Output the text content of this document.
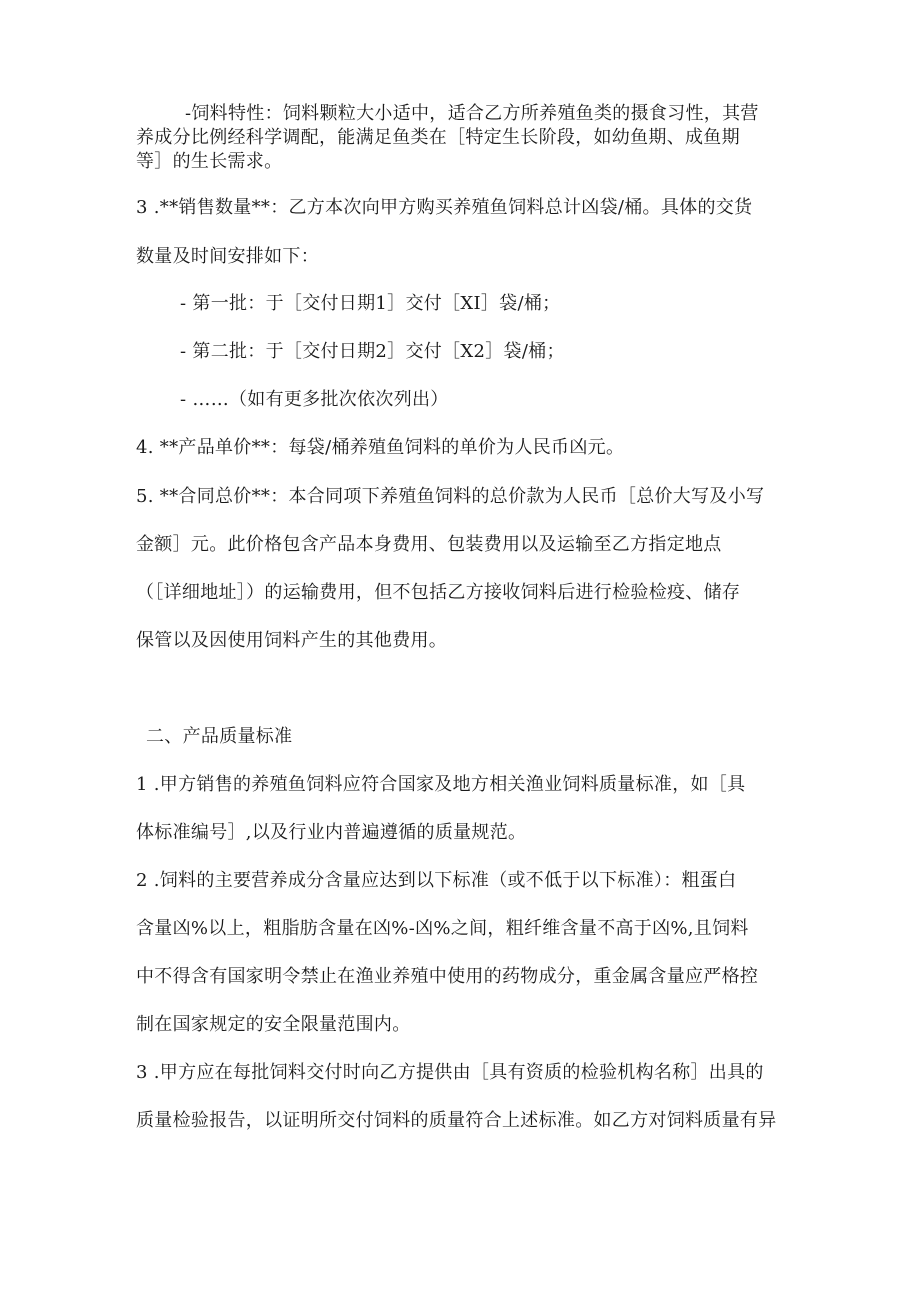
-饲料特性：饲料颗粒大小适中，适合乙方所养殖鱼类的摄食习性，其营
养成分比例经科学调配，能满足鱼类在［特定生长阶段，如幼鱼期、成鱼期
等］的生长需求。
3 .**销售数量**：乙方本次向甲方购买养殖鱼饲料总计凶袋/桶。具体的交货
数量及时间安排如下：
- 第一批：于［交付日期1］交付［XI］袋/桶；
- 第二批：于［交付日期2］交付［X2］袋/桶；
- ……（如有更多批次依次列出）
4. **产品单价**：每袋/桶养殖鱼饲料的单价为人民币凶元。
5. **合同总价**：本合同项下养殖鱼饲料的总价款为人民币［总价大写及小写
金额］元。此价格包含产品本身费用、包装费用以及运输至乙方指定地点
（［详细地址］）的运输费用，但不包括乙方接收饲料后进行检验检疫、储存
保管以及因使用饲料产生的其他费用。
二、产品质量标准
1 .甲方销售的养殖鱼饲料应符合国家及地方相关渔业饲料质量标准，如［具
体标准编号］,以及行业内普遍遵循的质量规范。
2 .饲料的主要营养成分含量应达到以下标准（或不低于以下标准）：粗蛋白
含量凶%以上，粗脂肪含量在凶%-凶%之间，粗纤维含量不高于凶%,且饲料
中不得含有国家明令禁止在渔业养殖中使用的药物成分，重金属含量应严格控
制在国家规定的安全限量范围内。
3 .甲方应在每批饲料交付时向乙方提供由［具有资质的检验机构名称］出具的
质量检验报告，以证明所交付饲料的质量符合上述标准。如乙方对饲料质量有异
